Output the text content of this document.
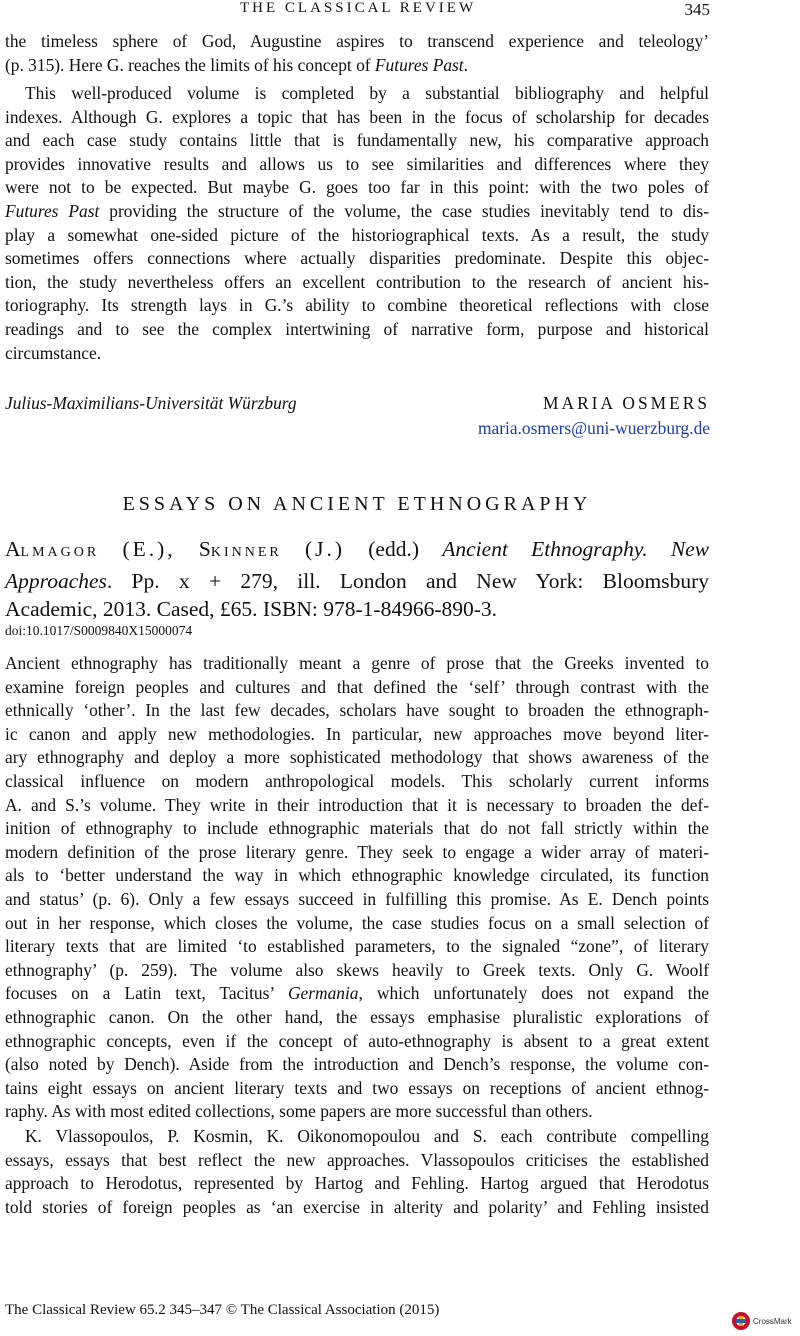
THE CLASSICAL REVIEW	345
the timeless sphere of God, Augustine aspires to transcend experience and teleology’
(p. 315). Here G. reaches the limits of his concept of Futures Past.
This well-produced volume is completed by a substantial bibliography and helpful
indexes. Although G. explores a topic that has been in the focus of scholarship for decades
and each case study contains little that is fundamentally new, his comparative approach
provides innovative results and allows us to see similarities and differences where they
were not to be expected. But maybe G. goes too far in this point: with the two poles of
Futures Past providing the structure of the volume, the case studies inevitably tend to dis-
play a somewhat one-sided picture of the historiographical texts. As a result, the study
sometimes offers connections where actually disparities predominate. Despite this objec-
tion, the study nevertheless offers an excellent contribution to the research of ancient his-
toriography. Its strength lays in G.’s ability to combine theoretical reflections with close
readings and to see the complex intertwining of narrative form, purpose and historical
circumstance.
Julius-Maximilians-Universität Würzburg	MARIA OSMERS
maria.osmers@uni-wuerzburg.de
ESSAYS ON ANCIENT ETHNOGRAPHY
ALMAGOR (E.), SKINNER (J.) (edd.) Ancient Ethnography. New
Approaches. Pp. x + 279, ill. London and New York: Bloomsbury
Academic, 2013. Cased, £65. ISBN: 978-1-84966-890-3.
doi:10.1017/S0009840X15000074
Ancient ethnography has traditionally meant a genre of prose that the Greeks invented to
examine foreign peoples and cultures and that defined the ‘self’ through contrast with the
ethnically ‘other’. In the last few decades, scholars have sought to broaden the ethnograph-
ic canon and apply new methodologies. In particular, new approaches move beyond liter-
ary ethnography and deploy a more sophisticated methodology that shows awareness of the
classical influence on modern anthropological models. This scholarly current informs
A. and S.’s volume. They write in their introduction that it is necessary to broaden the def-
inition of ethnography to include ethnographic materials that do not fall strictly within the
modern definition of the prose literary genre. They seek to engage a wider array of materi-
als to ‘better understand the way in which ethnographic knowledge circulated, its function
and status’ (p. 6). Only a few essays succeed in fulfilling this promise. As E. Dench points
out in her response, which closes the volume, the case studies focus on a small selection of
literary texts that are limited ‘to established parameters, to the signaled “zone”, of literary
ethnography’ (p. 259). The volume also skews heavily to Greek texts. Only G. Woolf
focuses on a Latin text, Tacitus’ Germania, which unfortunately does not expand the
ethnographic canon. On the other hand, the essays emphasise pluralistic explorations of
ethnographic concepts, even if the concept of auto-ethnography is absent to a great extent
(also noted by Dench). Aside from the introduction and Dench’s response, the volume con-
tains eight essays on ancient literary texts and two essays on receptions of ancient ethnog-
raphy. As with most edited collections, some papers are more successful than others.
K. Vlassopoulos, P. Kosmin, K. Oikonomopoulou and S. each contribute compelling
essays, essays that best reflect the new approaches. Vlassopoulos criticises the established
approach to Herodotus, represented by Hartog and Fehling. Hartog argued that Herodotus
told stories of foreign peoples as ‘an exercise in alterity and polarity’ and Fehling insisted
The Classical Review 65.2 345–347 © The Classical Association (2015)
CrossMark
